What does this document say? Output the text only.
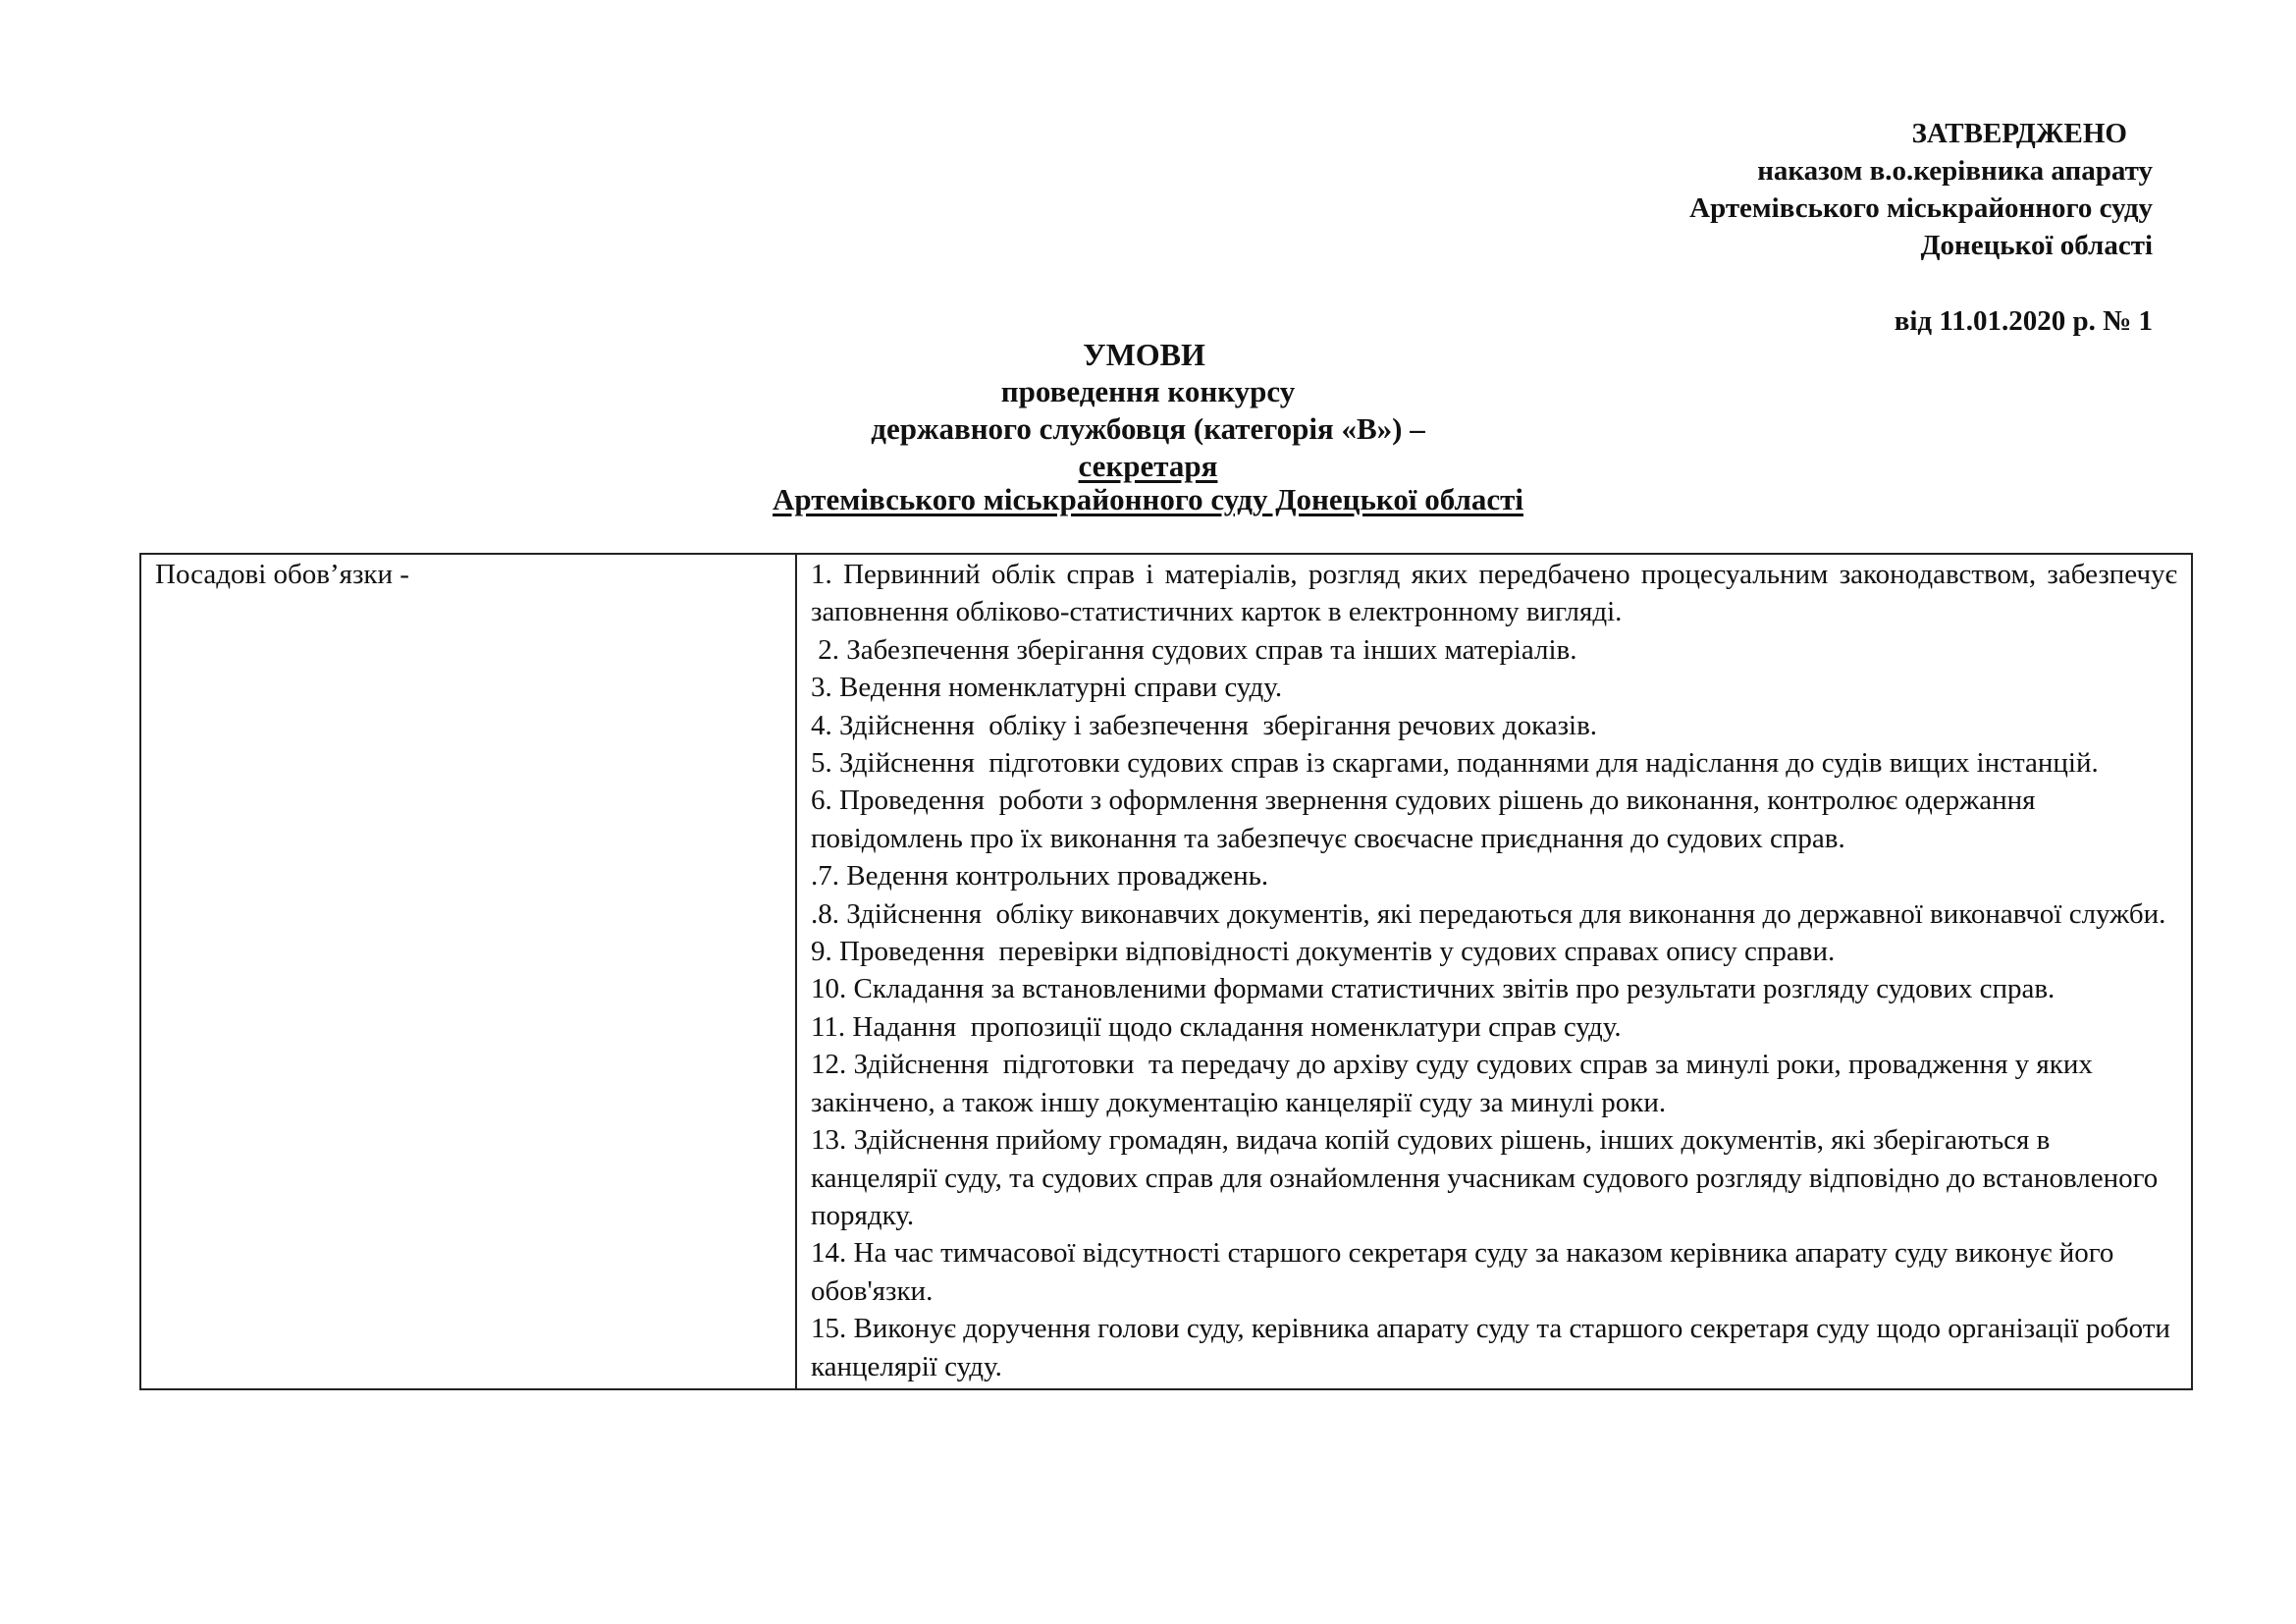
ЗАТВЕРДЖЕНО
наказом в.о.керівника апарату
Артемівського міськрайонного суду
Донецької області
від 11.01.2020 р. № 1
УМОВИ
проведення конкурсу
державного службовця (категорія «В») –
секретаря
Артемівського міськрайонного суду Донецької області
Посадові обов’язки -	1. Первинний облік справ і матеріалів, розгляд яких передбачено процесуальним законодавством, забезпечує заповнення обліково-статистичних карток в електронному вигляді.
2. Забезпечення зберігання судових справ та інших матеріалів.
3. Ведення номенклатурні справи суду.
4. Здійснення  обліку і забезпечення  зберігання речових доказів.
5. Здійснення  підготовки судових справ із скаргами, поданнями для надіслання до судів вищих інстанцій.
6. Проведення  роботи з оформлення звернення судових рішень до виконання, контролює одержання повідомлень про їх виконання та забезпечує своєчасне приєднання до судових справ.
.7. Ведення контрольних проваджень.
.8. Здійснення  обліку виконавчих документів, які передаються для виконання до державної виконавчої служби.
9. Проведення  перевірки відповідності документів у судових справах опису справи.
10. Складання за встановленими формами статистичних звітів про результати розгляду судових справ.
11. Надання  пропозиції щодо складання номенклатури справ суду.
12. Здійснення  підготовки  та передачу до архіву суду судових справ за минулі роки, провадження у яких закінчено, а також іншу документацію канцелярії суду за минулі роки.
13. Здійснення прийому громадян, видача копій судових рішень, інших документів, які зберігаються в канцелярії суду, та судових справ для ознайомлення учасникам судового розгляду відповідно до встановленого порядку.
14. На час тимчасової відсутності старшого секретаря суду за наказом керівника апарату суду виконує його обов'язки.
15. Виконує доручення голови суду, керівника апарату суду та старшого секретаря суду щодо організації роботи канцелярії суду.
